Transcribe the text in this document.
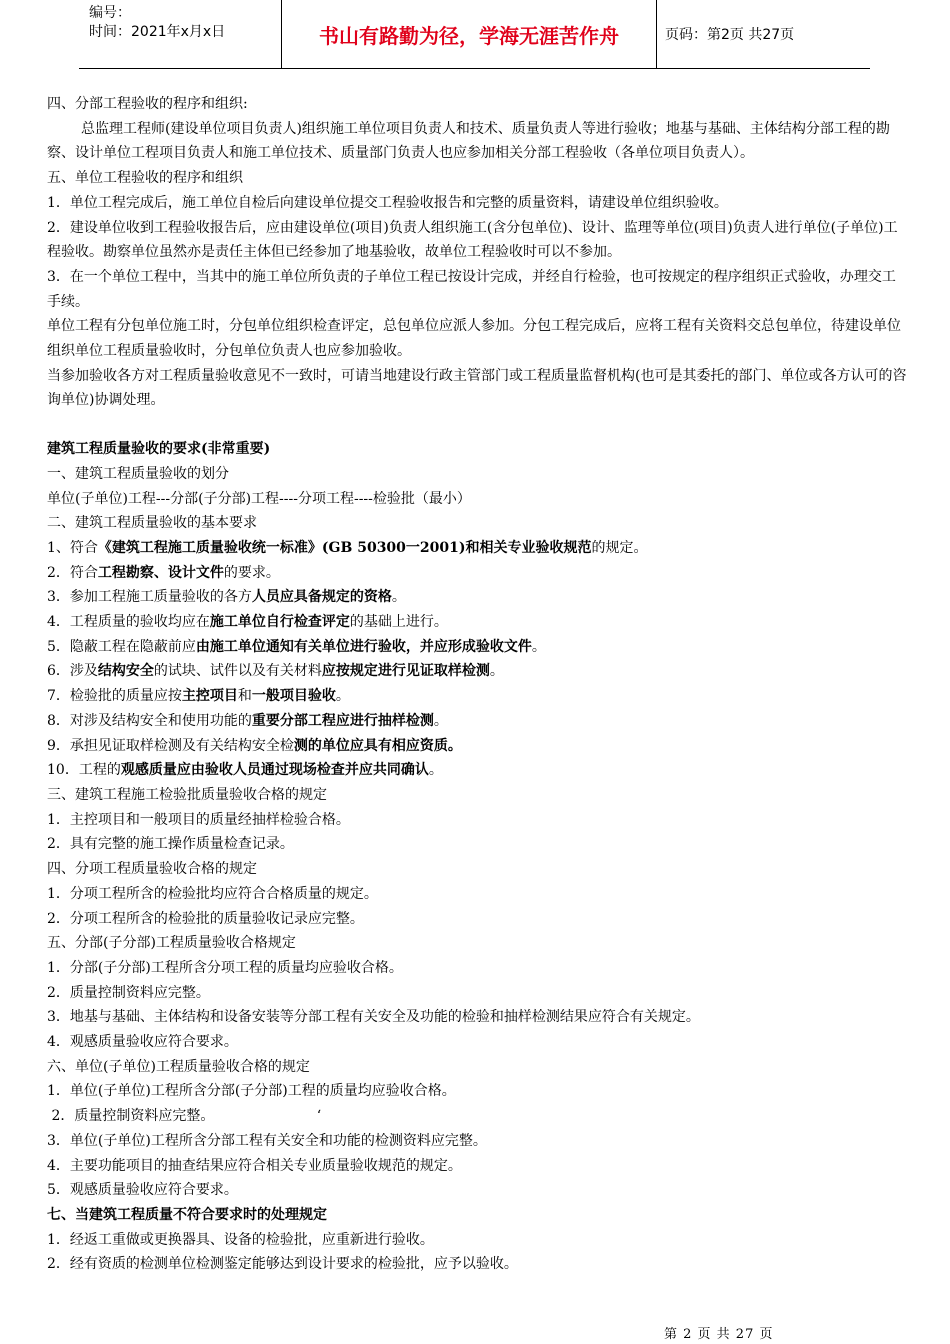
编号：
时间：2021年x月x日	书山有路勤为径，学海无涯苦作舟	页码：第2页 共27页

四、分部工程验收的程序和组织:

总监理工程师(建设单位项目负责人)组织施工单位项目负责人和技术、质量负责人等进行验收；地基与基础、主体结构分部工程的勘察、设计单位工程项目负责人和施工单位技术、质量部门负责人也应参加相关分部工程验收（各单位项目负责人）。

五、单位工程验收的程序和组织

1．单位工程完成后，施工单位自检后向建设单位提交工程验收报告和完整的质量资料，请建设单位组织验收。

2．建设单位收到工程验收报告后，应由建设单位(项目)负责人组织施工(含分包单位)、设计、监理等单位(项目)负责人进行单位(子单位)工程验收。勘察单位虽然亦是责任主体但已经参加了地基验收，故单位工程验收时可以不参加。

3．在一个单位工程中，当其中的施工单位所负责的子单位工程已按设计完成，并经自行检验，也可按规定的程序组织正式验收，办理交工手续。

单位工程有分包单位施工时，分包单位组织检查评定，总包单位应派人参加。分包工程完成后，应将工程有关资料交总包单位，待建设单位组织单位工程质量验收时，分包单位负责人也应参加验收。

当参加验收各方对工程质量验收意见不一致时，可请当地建设行政主管部门或工程质量监督机构(也可是其委托的部门、单位或各方认可的咨询单位)协调处理。

建筑工程质量验收的要求(非常重要)

一、建筑工程质量验收的划分

单位(子单位)工程---分部(子分部)工程----分项工程----检验批（最小）

二、建筑工程质量验收的基本要求

1、符合《建筑工程施工质量验收统一标准》(GB 50300一2001)和相关专业验收规范的规定。

2．符合工程勘察、设计文件的要求。

3．参加工程施工质量验收的各方人员应具备规定的资格。

4．工程质量的验收均应在施工单位自行检查评定的基础上进行。

5．隐蔽工程在隐蔽前应由施工单位通知有关单位进行验收，并应形成验收文件。

6．涉及结构安全的试块、试件以及有关材料应按规定进行见证取样检测。

7．检验批的质量应按主控项目和一般项目验收。

8．对涉及结构安全和使用功能的重要分部工程应进行抽样检测。

9．承担见证取样检测及有关结构安全检测的单位应具有相应资质。

10．工程的观感质量应由验收人员通过现场检查并应共同确认。

三、建筑工程施工检验批质量验收合格的规定

1．主控项目和一般项目的质量经抽样检验合格。

2．具有完整的施工操作质量检查记录。

四、分项工程质量验收合格的规定

1．分项工程所含的检验批均应符合合格质量的规定。

2．分项工程所含的检验批的质量验收记录应完整。

五、分部(子分部)工程质量验收合格规定

1．分部(子分部)工程所含分项工程的质量均应验收合格。

2．质量控制资料应完整。

3．地基与基础、主体结构和设备安装等分部工程有关安全及功能的检验和抽样检测结果应符合有关规定。

4．观感质量验收应符合要求。

六、单位(子单位)工程质量验收合格的规定

1．单位(子单位)工程所含分部(子分部)工程的质量均应验收合格。

2．质量控制资料应完整。                       ‘

3．单位(子单位)工程所含分部工程有关安全和功能的检测资料应完整。

4．主要功能项目的抽查结果应符合相关专业质量验收规范的规定。

5．观感质量验收应符合要求。

七、当建筑工程质量不符合要求时的处理规定

1．经返工重做或更换器具、设备的检验批，应重新进行验收。

2．经有资质的检测单位检测鉴定能够达到设计要求的检验批，应予以验收。

第 2 页 共 27 页
